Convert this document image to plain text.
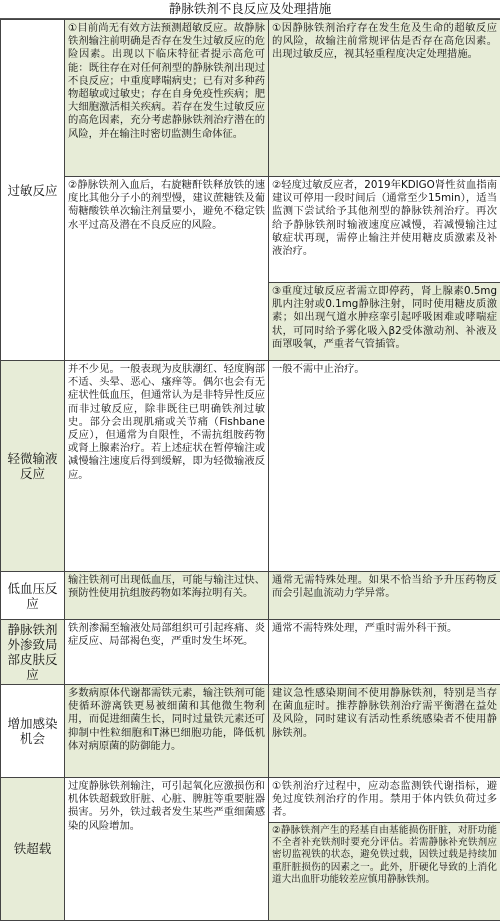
静脉铁剂不良反应及处理措施
过敏反应	①目前尚无有效方法预测超敏反应。故静脉铁剂输注前明确是否存在发生过敏反应的危险因素。出现以下临床特征者提示高危可能：既往存在对任何剂型的静脉铁剂出现过不良反应；中重度哮喘病史；已有对多种药物超敏或过敏史；存在自身免疫性疾病；肥大细胞激活相关疾病。若存在发生过敏反应的高危因素，充分考虑静脉铁剂治疗潜在的风险，并在输注时密切监测生命体征。	①因静脉铁剂治疗存在发生危及生命的超敏反应的风险，故输注前常规评估是否存在高危因素。出现过敏反应，视其轻重程度决定处理措施。
	②静脉铁剂入血后，右旋糖酐铁释放铁的速度比其他分子小的剂型慢，建议蔗糖铁及葡萄糖酸铁单次输注剂量要小，避免不稳定铁水平过高及潜在不良反应的风险。	②轻度过敏反应者，2019年KDIGO肾性贫血指南建议可停用一段时间后（通常至少15min），适当监测下尝试给予其他剂型的静脉铁剂治疗。再次给予静脉铁剂时输液速度应减慢，若减慢输注过敏症状再现，需停止输注并使用糖皮质激素及补液治疗。
		③重度过敏反应者需立即停药，肾上腺素0.5mg肌内注射或0.1mg静脉注射，同时使用糖皮质激素；如出现气道水肿痉挛引起呼吸困难或哮喘症状，可同时给予雾化吸入β2受体激动剂、补液及面罩吸氧，严重者气管插管。
轻微输液反应	并不少见。一般表现为皮肤潮红、轻度胸部不适、头晕、恶心、瘙痒等。偶尔也会有无症状性低血压，但通常认为是非特异性反应而非过敏反应，除非既往已明确铁剂过敏史。部分会出现肌痛或关节痛（Fishbane反应），但通常为自限性，不需抗组胺药物或肾上腺素治疗。若上述症状在暂停输注或减慢输注速度后得到缓解，即为轻微输液反应。	一般不需中止治疗。
低血压反应	输注铁剂可出现低血压，可能与输注过快、预防性使用抗组胺药物如苯海拉明有关。	通常无需特殊处理。如果不恰当给予升压药物反而会引起血流动力学异常。
静脉铁剂外渗致局部皮肤反应	铁剂渗漏至输液处局部组织可引起疼痛、炎症反应、局部褐色变，严重时发生坏死。	通常不需特殊处理，严重时需外科干预。
增加感染机会	多数病原体代谢都需铁元素，输注铁剂可能使循环游离铁更易被细菌和其他微生物利用，而促进细菌生长，同时过量铁元素还可抑制中性粒细胞和T淋巴细胞功能，降低机体对病原菌的防御能力。	建议急性感染期间不使用静脉铁剂，特别是当存在菌血症时。推荐静脉铁剂治疗需平衡潜在益处及风险，同时建议有活动性系统感染者不使用静脉铁剂。
铁超载	过度静脉铁剂输注，可引起氧化应激损伤和机体铁超载致肝脏、心脏、脾脏等重要脏器损害。另外，铁过载者发生某些严重细菌感染的风险增加。	①铁剂治疗过程中，应动态监测铁代谢指标，避免过度铁剂治疗的作用。禁用于体内铁负荷过多者。
		②静脉铁剂产生的羟基自由基能损伤肝脏，对肝功能不全者补充铁剂时要充分评估。若需静脉补充铁剂应密切监视铁的状态，避免铁过载，因铁过载是持续加重肝脏损伤的因素之一。此外，肝硬化导致的上消化道大出血肝功能较差应慎用静脉铁剂。
